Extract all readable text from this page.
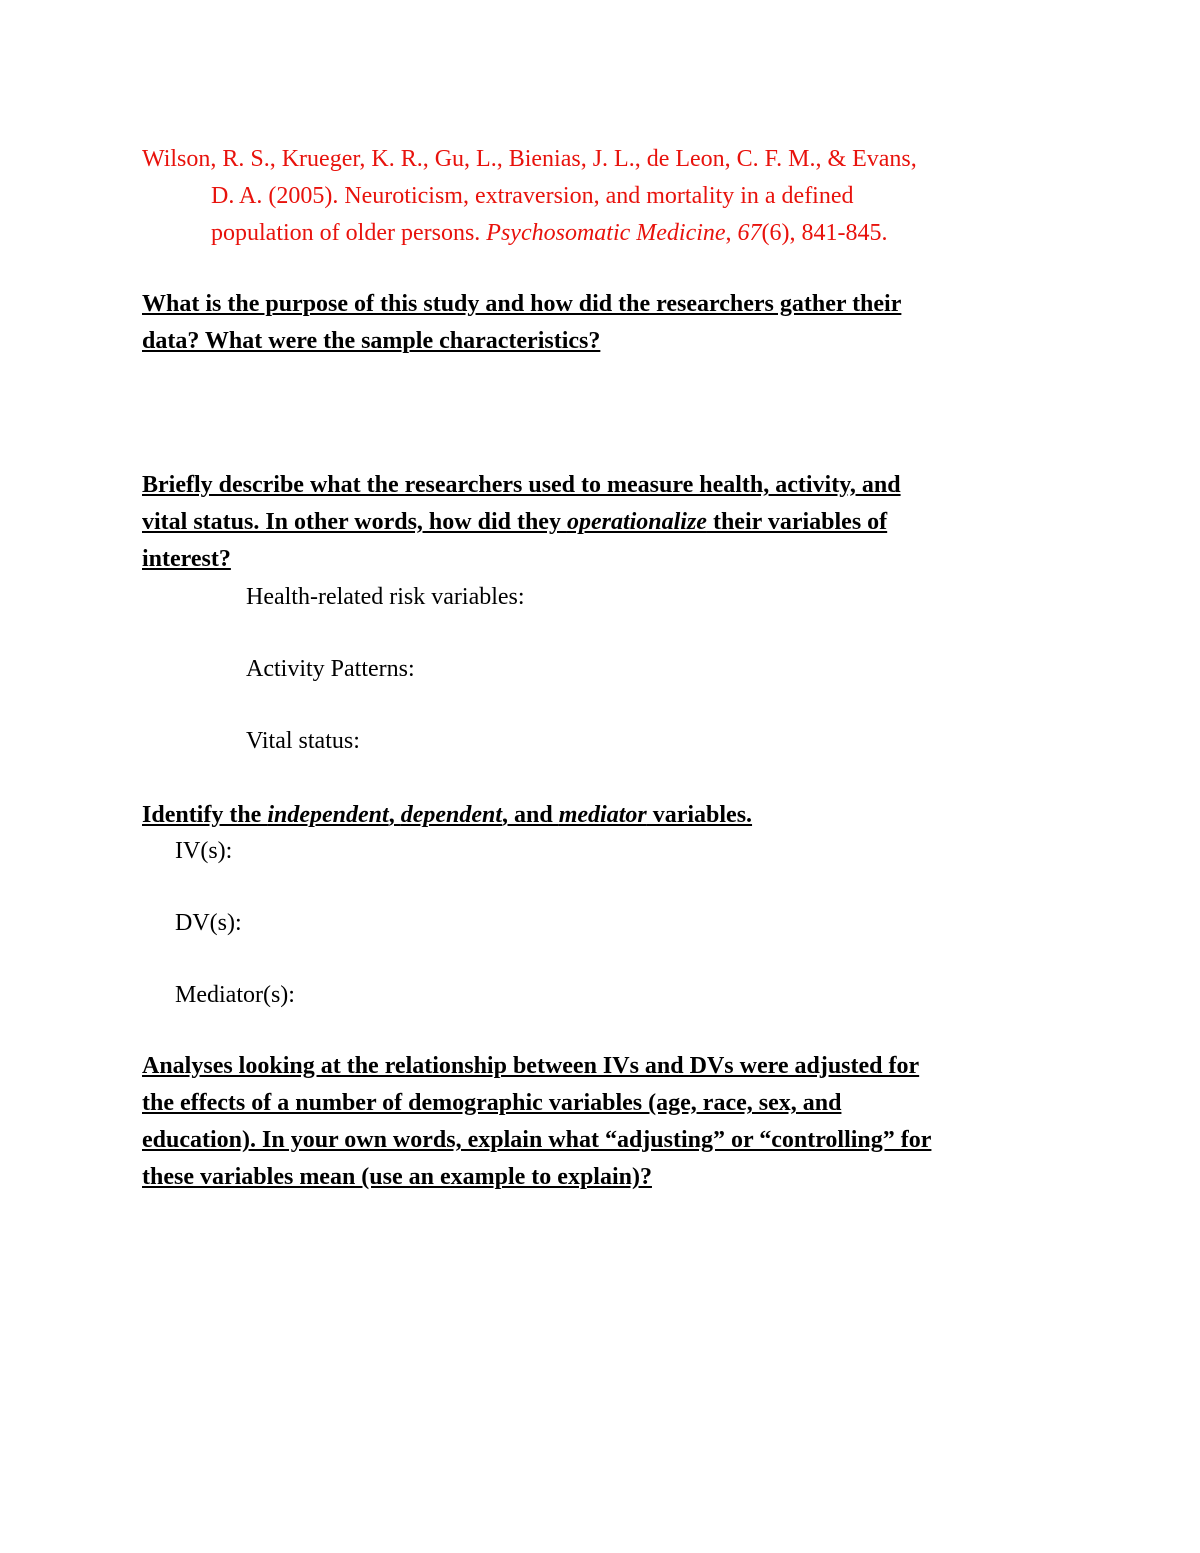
Wilson, R. S., Krueger, K. R., Gu, L., Bienias, J. L., de Leon, C. F. M., & Evans,
D. A. (2005). Neuroticism, extraversion, and mortality in a defined
population of older persons. Psychosomatic Medicine, 67(6), 841-845.
What is the purpose of this study and how did the researchers gather their
data? What were the sample characteristics?
Briefly describe what the researchers used to measure health, activity, and
vital status. In other words, how did they operationalize their variables of
interest?
Health-related risk variables:
Activity Patterns:
Vital status:
Identify the independent, dependent, and mediator variables.
IV(s):
DV(s):
Mediator(s):
Analyses looking at the relationship between IVs and DVs were adjusted for
the effects of a number of demographic variables (age, race, sex, and
education). In your own words, explain what “adjusting” or “controlling” for
these variables mean (use an example to explain)?
